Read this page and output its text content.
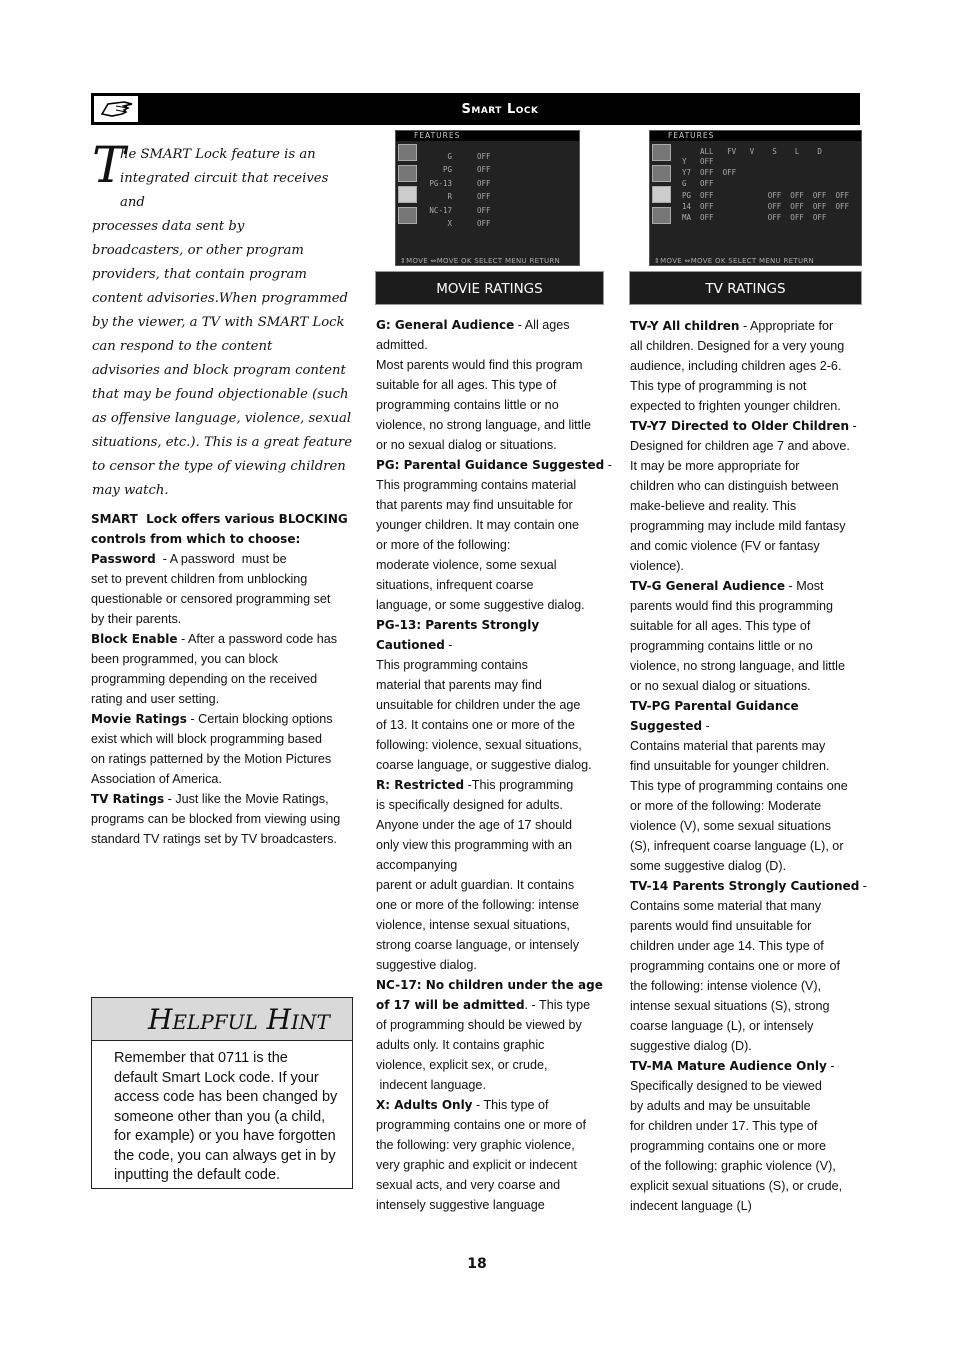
Smart Lock
T
he SMART Lock feature is an
integrated circuit that receives and
processes data sent by
broadcasters, or other program
providers, that contain program
content advisories.When programmed
by the viewer, a TV with SMART Lock
can respond to the content
advisories and block program content
that may be found objectionable (such
as offensive language, violence, sexual
situations, etc.). This is a great feature
to censor the type of viewing children
may watch.
SMART  Lock offers various BLOCKING
controls from which to choose:
Password  - A password  must be
set to prevent children from unblocking
questionable or censored programming set
by their parents.
Block Enable - After a password code has
been programmed, you can block
programming depending on the received
rating and user setting.
Movie Ratings - Certain blocking options
exist which will block programming based
on ratings patterned by the Motion Pictures
Association of America.
TV Ratings - Just like the Movie Ratings,
programs can be blocked from viewing using
standard TV ratings set by TV broadcasters.
FEATURES
G
PG
PG-13
R
NC-17
X
OFF
OFF
OFF
OFF
OFF
OFF
⇕MOVE ⇔MOVE OK SELECT MENU RETURN
FEATURES
ALL   FV   V    S    L    D
Y
Y7
G
PG
14
MA
OFF
OFF  OFF
OFF
OFF            OFF  OFF  OFF  OFF
OFF            OFF  OFF  OFF  OFF
OFF            OFF  OFF  OFF
⇕MOVE ⇔MOVE OK SELECT MENU RETURN
MOVIE RATINGS	TV RATINGS
G: General Audience - All ages
admitted.
Most parents would find this program
suitable for all ages. This type of
programming contains little or no
violence, no strong language, and little
or no sexual dialog or situations.
PG: Parental Guidance Suggested -
This programming contains material
that parents may find unsuitable for
younger children. It may contain one
or more of the following:
moderate violence, some sexual
situations, infrequent coarse
language, or some suggestive dialog.
PG-13: Parents Strongly
Cautioned -
This programming contains
material that parents may find
unsuitable for children under the age
of 13. It contains one or more of the
following: violence, sexual situations,
coarse language, or suggestive dialog.
R: Restricted -This programming
is specifically designed for adults.
Anyone under the age of 17 should
only view this programming with an
accompanying
parent or adult guardian. It contains
one or more of the following: intense
violence, intense sexual situations,
strong coarse language, or intensely
suggestive dialog.
NC-17: No children under the age
of 17 will be admitted. - This type
of programming should be viewed by
adults only. It contains graphic
violence, explicit sex, or crude,
indecent language.
X: Adults Only - This type of
programming contains one or more of
the following: very graphic violence,
very graphic and explicit or indecent
sexual acts, and very coarse and
intensely suggestive language
TV-Y All children - Appropriate for
all children. Designed for a very young
audience, including children ages 2-6.
This type of programming is not
expected to frighten younger children.
TV-Y7 Directed to Older Children -
Designed for children age 7 and above.
It may be more appropriate for
children who can distinguish between
make-believe and reality. This
programming may include mild fantasy
and comic violence (FV or fantasy
violence).
TV-G General Audience - Most
parents would find this programming
suitable for all ages. This type of
programming contains little or no
violence, no strong language, and little
or no sexual dialog or situations.
TV-PG Parental Guidance
Suggested -
Contains material that parents may
find unsuitable for younger children.
This type of programming contains one
or more of the following: Moderate
violence (V), some sexual situations
(S), infrequent coarse language (L), or
some suggestive dialog (D).
TV-14 Parents Strongly Cautioned -
Contains some material that many
parents would find unsuitable for
children under age 14. This type of
programming contains one or more of
the following: intense violence (V),
intense sexual situations (S), strong
coarse language (L), or intensely
suggestive dialog (D).
TV-MA Mature Audience Only -
Specifically designed to be viewed
by adults and may be unsuitable
for children under 17. This type of
programming contains one or more
of the following: graphic violence (V),
explicit sexual situations (S), or crude,
indecent language (L)
Helpful Hint
Remember that 0711 is the
default Smart Lock code. If your
access code has been changed by
someone other than you (a child,
for example) or you have forgotten
the code, you can always get in by
inputting the default code.
18
